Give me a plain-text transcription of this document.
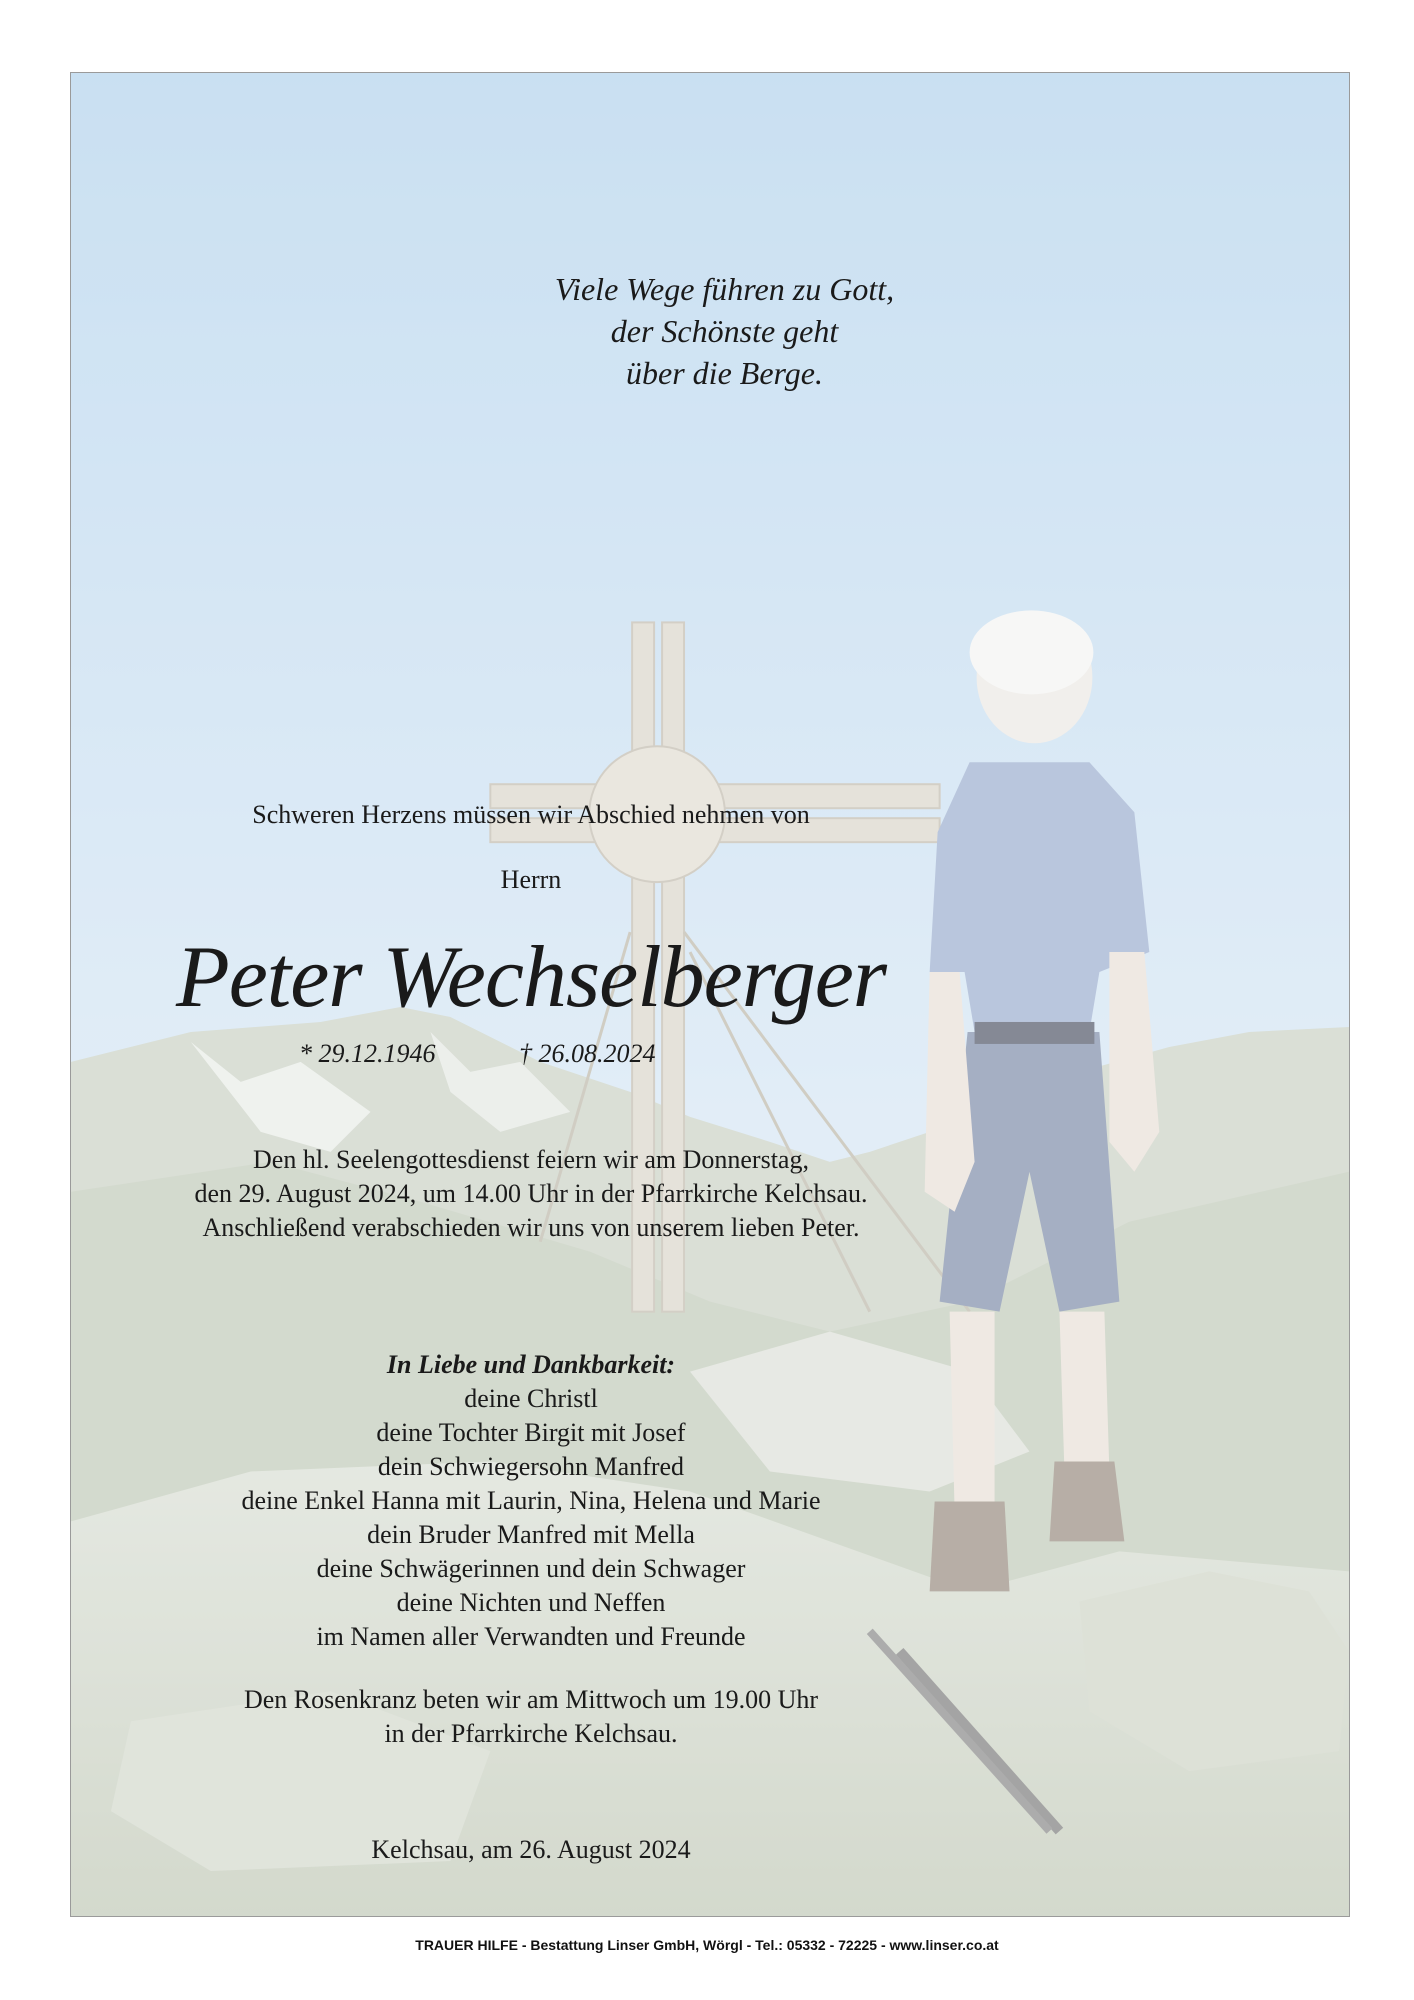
Viele Wege führen zu Gott,
der Schönste geht
über die Berge.
Schweren Herzens müssen wir Abschied nehmen von
Herrn
Peter Wechselberger
* 29.12.1946	† 26.08.2024
Den hl. Seelengottesdienst feiern wir am Donnerstag,
den 29. August 2024, um 14.00 Uhr in der Pfarrkirche Kelchsau.
Anschließend verabschieden wir uns von unserem lieben Peter.
In Liebe und Dankbarkeit:
deine Christl
deine Tochter Birgit mit Josef
dein Schwiegersohn Manfred
deine Enkel Hanna mit Laurin, Nina, Helena und Marie
dein Bruder Manfred mit Mella
deine Schwägerinnen und dein Schwager
deine Nichten und Neffen
im Namen aller Verwandten und Freunde
Den Rosenkranz beten wir am Mittwoch um 19.00 Uhr
in der Pfarrkirche Kelchsau.
Kelchsau, am 26. August 2024
TRAUER HILFE - Bestattung Linser GmbH, Wörgl - Tel.: 05332 - 72225 - www.linser.co.at
